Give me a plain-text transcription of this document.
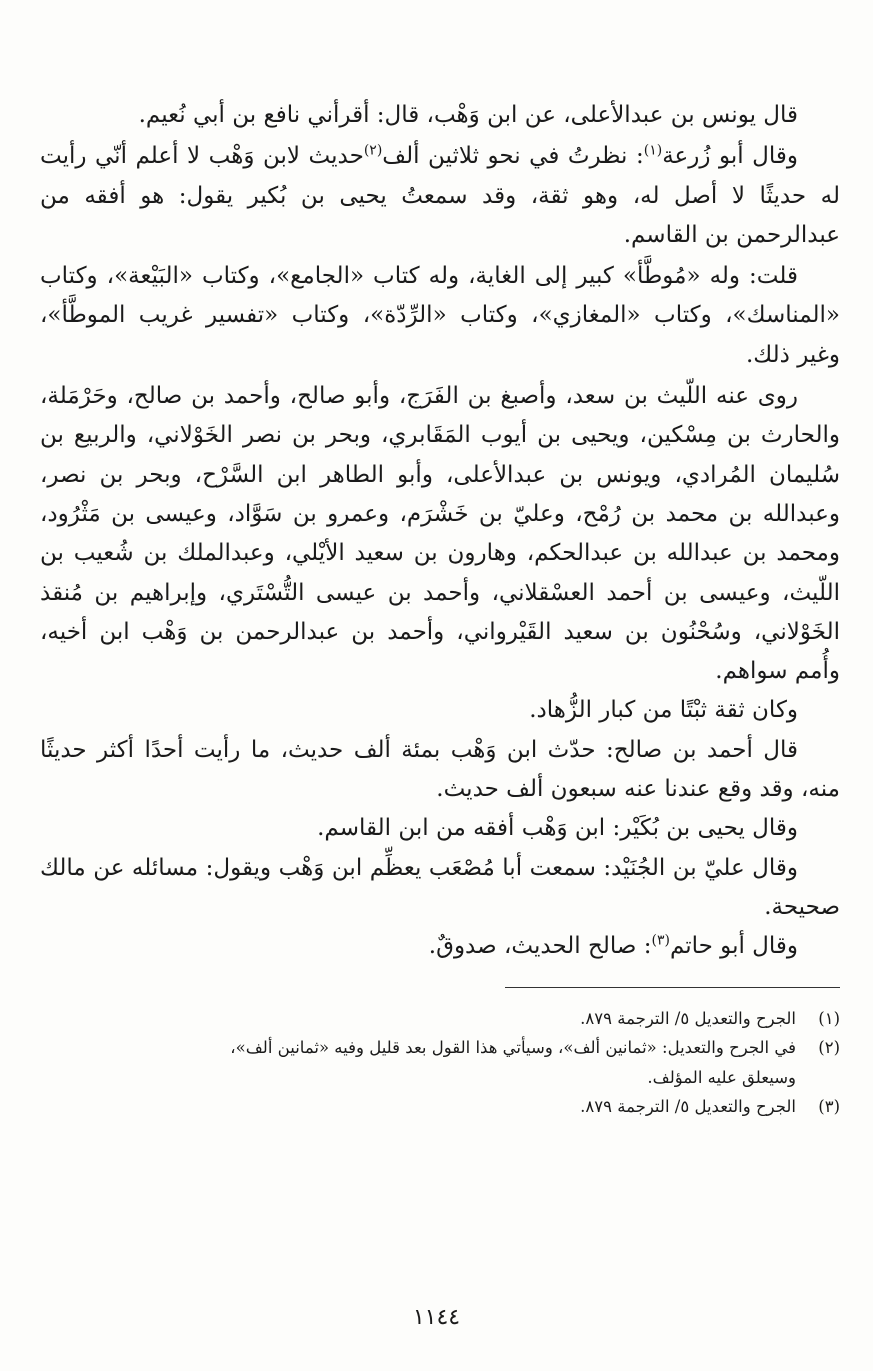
قال يونس بن عبدالأعلى، عن ابن وَهْب، قال: أقرأني نافع بن أبي نُعيم.

وقال أبو زُرعة$^{(١)}$: نظرتُ في نحو ثلاثين ألف$^{(٢)}$حديث لابن وَهْب لا أعلم أنّي رأيت له حديثًا لا أصل له، وهو ثقة، وقد سمعتُ يحيى بن بُكير يقول: هو أفقه من عبدالرحمن بن القاسم.

قلت: وله «مُوطَّأ» كبير إلى الغاية، وله كتاب «الجامع»، وكتاب «البَيْعة»، وكتاب «المناسك»، وكتاب «المغازي»، وكتاب «الرِّدّة»، وكتاب «تفسير غريب الموطَّأ»، وغير ذلك.

روى عنه اللّيث بن سعد، وأصبغ بن الفَرَج، وأبو صالح، وأحمد بن صالح، وحَرْمَلة، والحارث بن مِسْكين، ويحيى بن أيوب المَقَابري، وبحر بن نصر الخَوْلاني، والربيع بن سُليمان المُرادي، ويونس بن عبدالأعلى، وأبو الطاهر ابن السَّرْح، وبحر بن نصر، وعبدالله بن محمد بن رُمْح، وعليّ بن خَشْرَم، وعمرو بن سَوَّاد، وعيسى بن مَثْرُود، ومحمد بن عبدالله بن عبدالحكم، وهارون بن سعيد الأيْلي، وعبدالملك بن شُعيب بن اللّيث، وعيسى بن أحمد العسْقلاني، وأحمد بن عيسى التُّسْتَري، وإبراهيم بن مُنقذ الخَوْلاني، وسُحْنُون بن سعيد القَيْرواني، وأحمد بن عبدالرحمن بن وَهْب ابن أخيه، وأُمم سواهم.

وكان ثقة ثبْتًا من كبار الزُّهاد.

قال أحمد بن صالح: حدّث ابن وَهْب بمئة ألف حديث، ما رأيت أحدًا أكثر حديثًا منه، وقد وقع عندنا عنه سبعون ألف حديث.

وقال يحيى بن بُكَيْر: ابن وَهْب أفقه من ابن القاسم.

وقال عليّ بن الجُنَيْد: سمعت أبا مُصْعَب يعظِّم ابن وَهْب ويقول: مسائله عن مالك صحيحة.

وقال أبو حاتم$^{(٣)}$: صالح الحديث، صدوقٌ.

(١)الجرح والتعديل ٥/ الترجمة ٨٧٩.

(٢)في الجرح والتعديل: «ثمانين ألف»، وسيأتي هذا القول بعد قليل وفيه «ثمانين ألف»،

وسيعلق عليه المؤلف.

(٣)الجرح والتعديل ٥/ الترجمة ٨٧٩.

١١٤٤
